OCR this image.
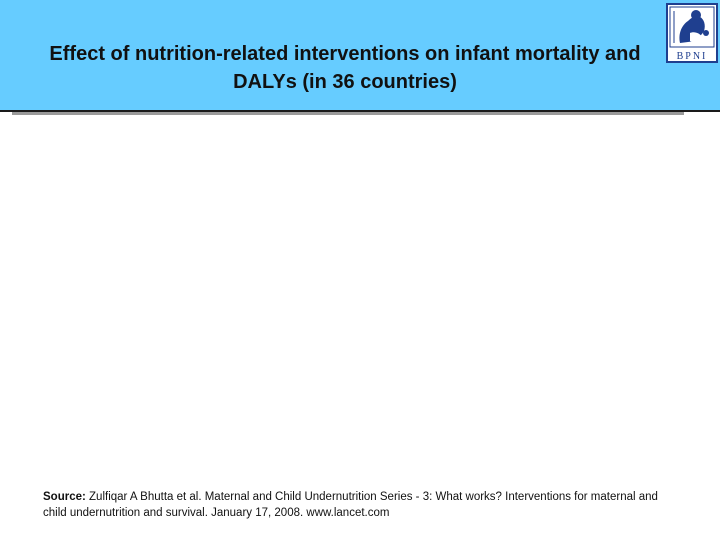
Effect of nutrition-related interventions on infant mortality and DALYs (in 36 countries)
BPNI
Source: Zulfiqar A Bhutta et al. Maternal and Child Undernutrition Series - 3: What works? Interventions for maternal and child undernutrition and survival. January 17, 2008. www.lancet.com
